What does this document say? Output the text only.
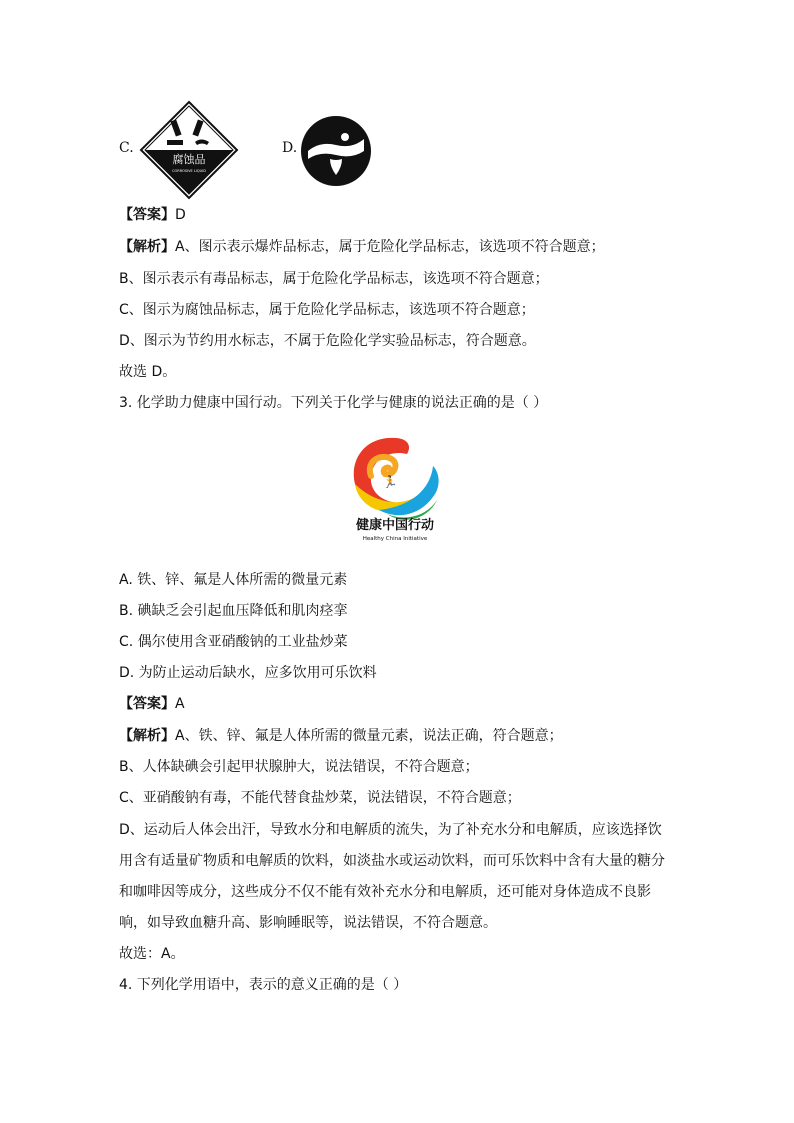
C.
腐蚀品
CORROSIVE LIQUID
D.
【答案】D
【解析】A、图示表示爆炸品标志，属于危险化学品标志，该选项不符合题意；
B、图示表示有毒品标志，属于危险化学品标志，该选项不符合题意；
C、图示为腐蚀品标志，属于危险化学品标志，该选项不符合题意；
D、图示为节约用水标志，不属于危险化学实验品标志，符合题意。
故选 D。
3. 化学助力健康中国行动。下列关于化学与健康的说法正确的是（ ）
🏃
健康中国行动
Healthy China Initiative
A. 铁、锌、氟是人体所需的微量元素
B. 碘缺乏会引起血压降低和肌肉痉挛
C. 偶尔使用含亚硝酸钠的工业盐炒菜
D. 为防止运动后缺水，应多饮用可乐饮料
【答案】A
【解析】A、铁、锌、氟是人体所需的微量元素，说法正确，符合题意；
B、人体缺碘会引起甲状腺肿大，说法错误，不符合题意；
C、亚硝酸钠有毒，不能代替食盐炒菜，说法错误，不符合题意；
D、运动后人体会出汗，导致水分和电解质的流失，为了补充水分和电解质，应该选择饮
用含有适量矿物质和电解质的饮料，如淡盐水或运动饮料，而可乐饮料中含有大量的糖分
和咖啡因等成分，这些成分不仅不能有效补充水分和电解质，还可能对身体造成不良影
响，如导致血糖升高、影响睡眠等，说法错误，不符合题意。
故选：A。
4. 下列化学用语中，表示的意义正确的是（ ）
